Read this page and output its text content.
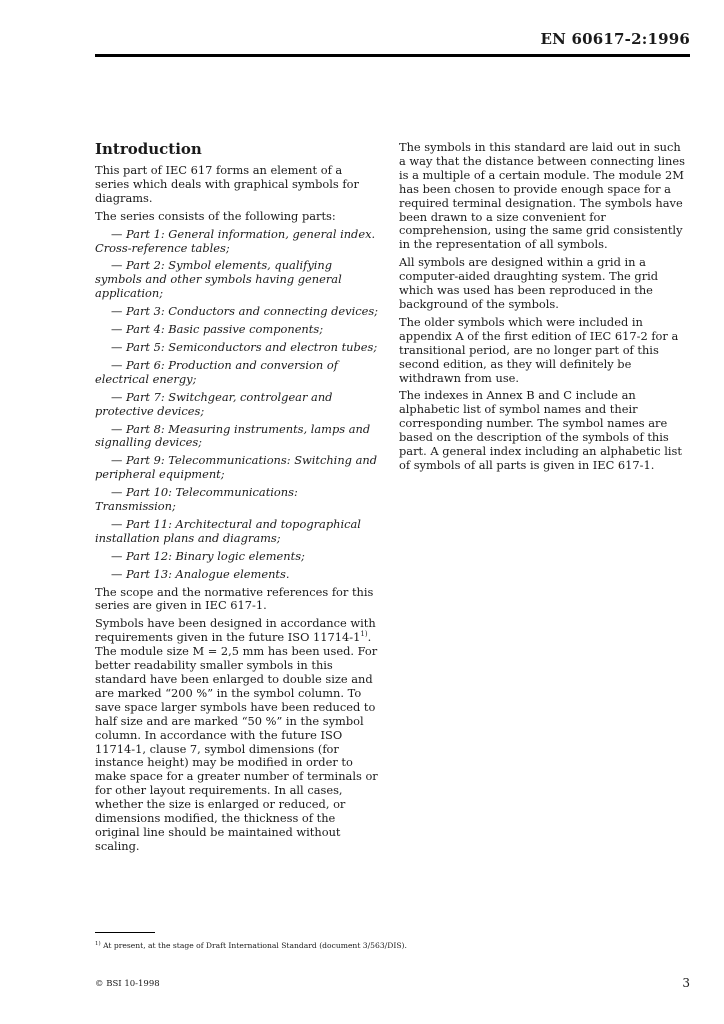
EN 60617-2:1996
Introduction

This part of IEC 617 forms an element of a series which deals with graphical symbols for diagrams.

The series consists of the following parts:

— Part 1: General information, general index. Cross-reference tables;
— Part 2: Symbol elements, qualifying symbols and other symbols having general application;
— Part 3: Conductors and connecting devices;
— Part 4: Basic passive components;
— Part 5: Semiconductors and electron tubes;
— Part 6: Production and conversion of electrical energy;
— Part 7: Switchgear, controlgear and protective devices;
— Part 8: Measuring instruments, lamps and signalling devices;
— Part 9: Telecommunications: Switching and peripheral equipment;
— Part 10: Telecommunications: Transmission;
— Part 11: Architectural and topographical installation plans and diagrams;
— Part 12: Binary logic elements;
— Part 13: Analogue elements.

The scope and the normative references for this series are given in IEC 617-1.

Symbols have been designed in accordance with requirements given in the future ISO 11714-1$^{1)}$. The module size M = 2,5 mm has been used. For better readability smaller symbols in this standard have been enlarged to double size and are marked “200 %” in the symbol column. To save space larger symbols have been reduced to half size and are marked “50 %” in the symbol column. In accordance with the future ISO 11714-1, clause 7, symbol dimensions (for instance height) may be modified in order to make space for a greater number of terminals or for other layout requirements. In all cases, whether the size is enlarged or reduced, or dimensions modified, the thickness of the original line should be maintained without scaling.

The symbols in this standard are laid out in such a way that the distance between connecting lines is a multiple of a certain module. The module 2M has been chosen to provide enough space for a required terminal designation. The symbols have been drawn to a size convenient for comprehension, using the same grid consistently in the representation of all symbols.

All symbols are designed within a grid in a computer-aided draughting system. The grid which was used has been reproduced in the background of the symbols.

The older symbols which were included in appendix A of the first edition of IEC 617-2 for a transitional period, are no longer part of this second edition, as they will definitely be withdrawn from use.

The indexes in Annex B and C include an alphabetic list of symbol names and their corresponding number. The symbol names are based on the description of the symbols of this part. A general index including an alphabetic list of symbols of all parts is given in IEC 617-1.

$^{1)}$ At present, at the stage of Draft International Standard (document 3/563/DIS).
© BSI 10-1998	3
